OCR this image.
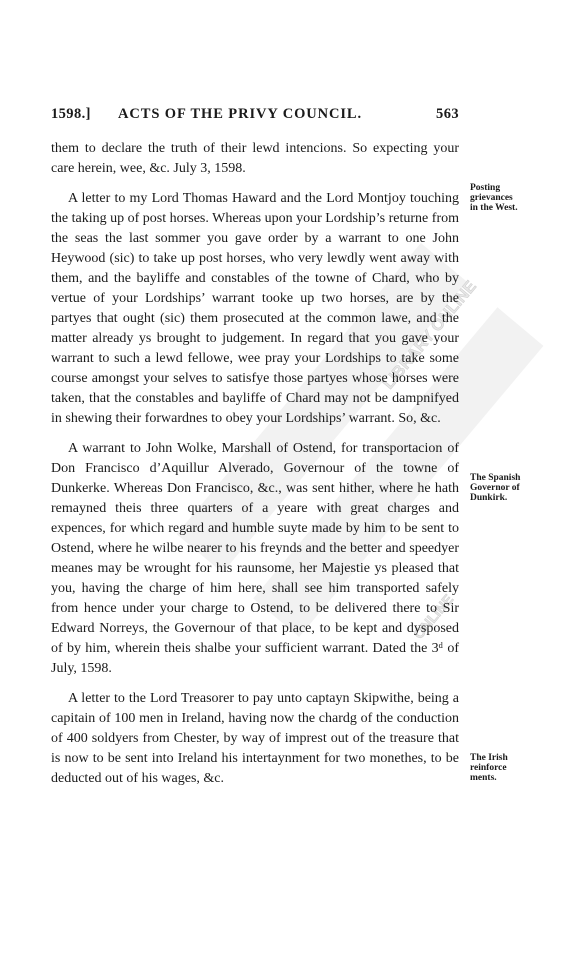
LIBRARY ONLINE
ONLINE
1598.] ACTS OF THE PRIVY COUNCIL.	563

them to declare the truth of their lewd intencions. So expecting your care herein, wee, &c. July 3, 1598.

A letter to my Lord Thomas Haward and the Lord Montjoy touching the taking up of post horses. Whereas upon your Lordship’s returne from the seas the last sommer you gave order by a warrant to one John Heywood (sic) to take up post horses, who very lewdly went away with them, and the bayliffe and constables of the towne of Chard, who by vertue of your Lordships’ warrant tooke up two horses, are by the partyes that ought (sic) them prosecuted at the common lawe, and the matter already ys brought to judgement. In regard that you gave your warrant to such a lewd fellowe, wee pray your Lordships to take some course amongst your selves to satisfye those partyes whose horses were taken, that the constables and bayliffe of Chard may not be dampnifyed in shewing their forwardnes to obey your Lordships’ warrant. So, &c.

A warrant to John Wolke, Marshall of Ostend, for transportacion of Don Francisco d’Aquillur Alverado, Governour of the towne of Dunkerke. Whereas Don Francisco, &c., was sent hither, where he hath remayned theis three quarters of a yeare with great charges and expences, for which regard and humble suyte made by him to be sent to Ostend, where he wilbe nearer to his freynds and the better and speedyer meanes may be wrought for his raunsome, her Majestie ys pleased that you, having the charge of him here, shall see him transported safely from hence under your charge to Ostend, to be delivered there to Sir Edward Norreys, the Governour of that place, to be kept and dysposed of by him, wherein theis shalbe your sufficient warrant. Dated the 3ᵈ of July, 1598.

A letter to the Lord Treasorer to pay unto captayn Skipwithe, being a capitain of 100 men in Ireland, having now the chardg of the conduction of 400 soldyers from Chester, by way of imprest out of the treasure that is now to be sent into Ireland his intertaynment for two monethes, to be deducted out of his wages, &c.

Posting
grievances
in the West.
The Spanish
Governor of
Dunkirk.
The Irish
reinforce
ments.
